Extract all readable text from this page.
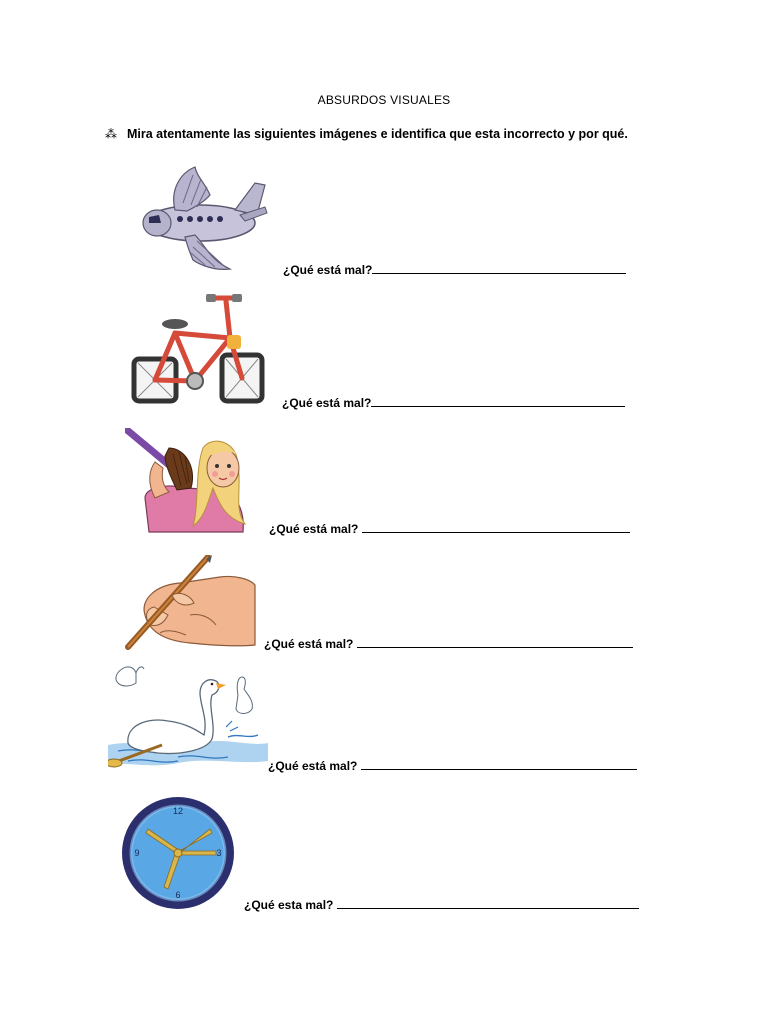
ABSURDOS VISUALES
⁂ Mira atentamente las siguientes imágenes e identifica que esta incorrecto y por qué.
¿Qué está mal?
¿Qué está mal?
¿Qué está mal?
¿Qué está mal?
¿Qué está mal?
12
3
6
9
¿Qué esta mal?
